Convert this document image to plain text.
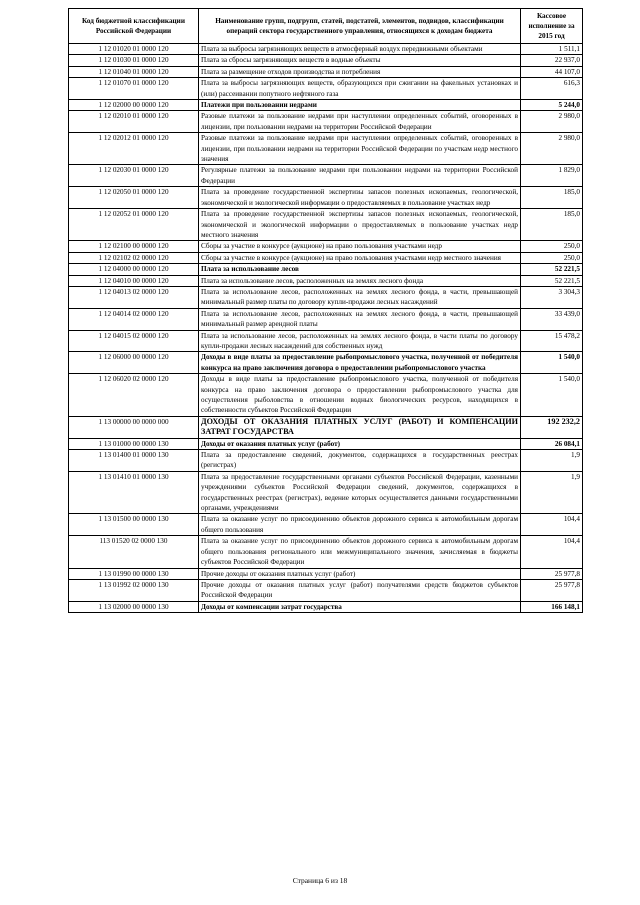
Код бюджетной классификации Российской Федерации	Наименование групп, подгрупп, статей, подстатей, элементов, подвидов, классификации операций сектора государственного управления, относящихся к доходам бюджета	Кассовое исполнение за 2015 год
1 12 01020 01 0000 120	Плата за выбросы загрязняющих веществ в атмосферный воздух передвижными объектами	1 511,1
1 12 01030 01 0000 120	Плата за сбросы загрязняющих веществ в водные объекты	22 937,0
1 12 01040 01 0000 120	Плата за размещение отходов производства и потребления	44 107,0
1 12 01070 01 0000 120	Плата за выбросы загрязняющих веществ, образующихся при сжигании на факельных установках и (или) рассеивании попутного нефтяного газа	616,3
1 12 02000 00 0000 120	Платежи при пользовании недрами	5 244,0
1 12 02010 01 0000 120	Разовые платежи за пользование недрами при наступлении определенных событий, оговоренных в лицензии, при пользовании недрами на территории Российской Федерации	2 980,0
1 12 02012 01 0000 120	Разовые платежи за пользование недрами при наступлении определенных событий, оговоренных в лицензии, при пользовании недрами на территории Российской Федерации по участкам недр местного значения	2 980,0
1 12 02030 01 0000 120	Регулярные платежи за пользование недрами при пользовании недрами на территории Российской Федерации	1 829,0
1 12 02050 01 0000 120	Плата за проведение государственной экспертизы запасов полезных ископаемых, геологической, экономической и экологической информации о предоставляемых в пользование участках недр	185,0
1 12 02052 01 0000 120	Плата за проведение государственной экспертизы запасов полезных ископаемых, геологической, экономической и экологической информации о предоставляемых в пользование участках недр местного значения	185,0
1 12 02100 00 0000 120	Сборы за участие в конкурсе (аукционе) на право пользования участками недр	250,0
1 12 02102 02 0000 120	Сборы за участие в конкурсе (аукционе) на право пользования участками недр местного значения	250,0
1 12 04000 00 0000 120	Плата за использование лесов	52 221,5
1 12 04010 00 0000 120	Плата за использование лесов, расположенных на землях лесного фонда	52 221,5
1 12 04013 02 0000 120	Плата за использование лесов, расположенных на землях лесного фонда, в части, превышающей минимальный размер платы по договору купли-продажи лесных насаждений	3 304,3
1 12 04014 02 0000 120	Плата за использование лесов, расположенных на землях лесного фонда, в части, превышающей минимальный размер арендной платы	33 439,0
1 12 04015 02 0000 120	Плата за использование лесов, расположенных на землях лесного фонда, в части платы по договору купли-продажи лесных насаждений для собственных нужд	15 478,2
1 12 06000 00 0000 120	Доходы в виде платы за предоставление рыбопромыслового участка, полученной от победителя конкурса на право заключения договора о предоставлении рыбопромыслового участка	1 540,0
1 12 06020 02 0000 120	Доходы в виде платы за предоставление рыбопромыслового участка, полученной от победителя конкурса на право заключения договора о предоставлении рыбопромыслового участка для осуществления рыболовства в отношении водных биологических ресурсов, находящихся в собственности субъектов Российской Федерации	1 540,0
1 13 00000 00 0000 000	ДОХОДЫ ОТ ОКАЗАНИЯ ПЛАТНЫХ УСЛУГ (РАБОТ) И КОМПЕНСАЦИИ ЗАТРАТ ГОСУДАРСТВА	192 232,2
1 13 01000 00 0000 130	Доходы от оказания платных услуг (работ)	26 084,1
1 13 01400 01 0000 130	Плата за предоставление сведений, документов, содержащихся в государственных реестрах (регистрах)	1,9
1 13 01410 01 0000 130	Плата за предоставление государственными органами субъектов Российской Федерации, казенными учреждениями субъектов Российской Федерации сведений, документов, содержащихся в государственных реестрах (регистрах), ведение которых осуществляется данными государственными органами, учреждениями	1,9
1 13 01500 00 0000 130	Плата за оказание услуг по присоединению объектов дорожного сервиса к автомобильным дорогам общего пользования	104,4
113 01520 02 0000 130	Плата за оказание услуг по присоединению объектов дорожного сервиса к автомобильным дорогам общего пользования регионального или межмуниципального значения, зачисляемая в бюджеты субъектов Российской Федерации	104,4
1 13 01990 00 0000 130	Прочие доходы от оказания платных услуг (работ)	25 977,8
1 13 01992 02 0000 130	Прочие доходы от оказания платных услуг (работ) получателями средств бюджетов субъектов Российской Федерации	25 977,8
1 13 02000 00 0000 130	Доходы от компенсации затрат государства	166 148,1
Страница 6 из 18
